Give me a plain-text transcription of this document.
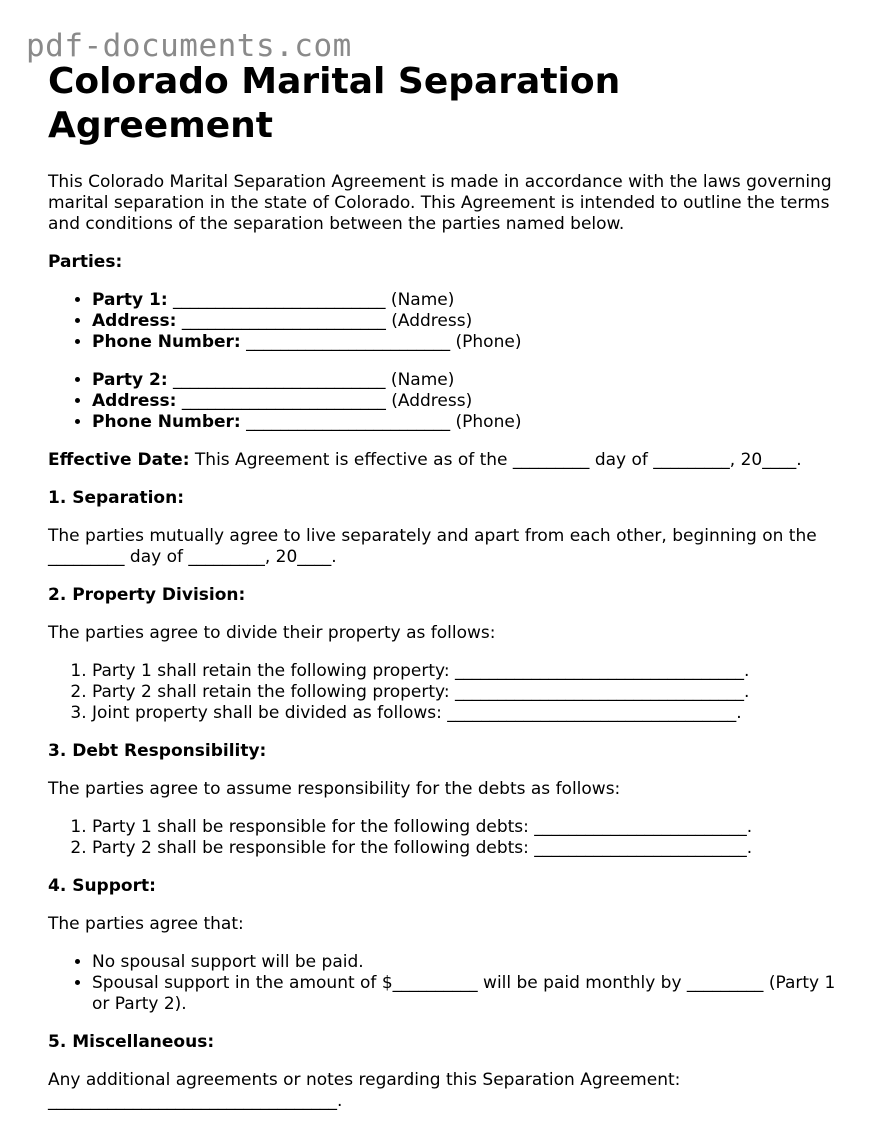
pdf-documents.com
Colorado Marital Separation Agreement

This Colorado Marital Separation Agreement is made in accordance with the laws governing marital separation in the state of Colorado. This Agreement is intended to outline the terms and conditions of the separation between the parties named below.

Parties:

• Party 1: _________________________ (Name)
• Address: ________________________ (Address)
• Phone Number: ________________________ (Phone)
• Party 2: _________________________ (Name)
• Address: ________________________ (Address)
• Phone Number: ________________________ (Phone)

Effective Date: This Agreement is effective as of the _________ day of _________, 20____.

1. Separation:

The parties mutually agree to live separately and apart from each other, beginning on the _________ day of _________, 20____.

2. Property Division:

The parties agree to divide their property as follows:

1. Party 1 shall retain the following property: __________________________________.
2. Party 2 shall retain the following property: __________________________________.
3. Joint property shall be divided as follows: __________________________________.

3. Debt Responsibility:

The parties agree to assume responsibility for the debts as follows:

1. Party 1 shall be responsible for the following debts: _________________________.
2. Party 2 shall be responsible for the following debts: _________________________.

4. Support:

The parties agree that:

• No spousal support will be paid.
• Spousal support in the amount of $__________ will be paid monthly by _________ (Party 1 or Party 2).

5. Miscellaneous:

Any additional agreements or notes regarding this Separation Agreement: __________________________________.
